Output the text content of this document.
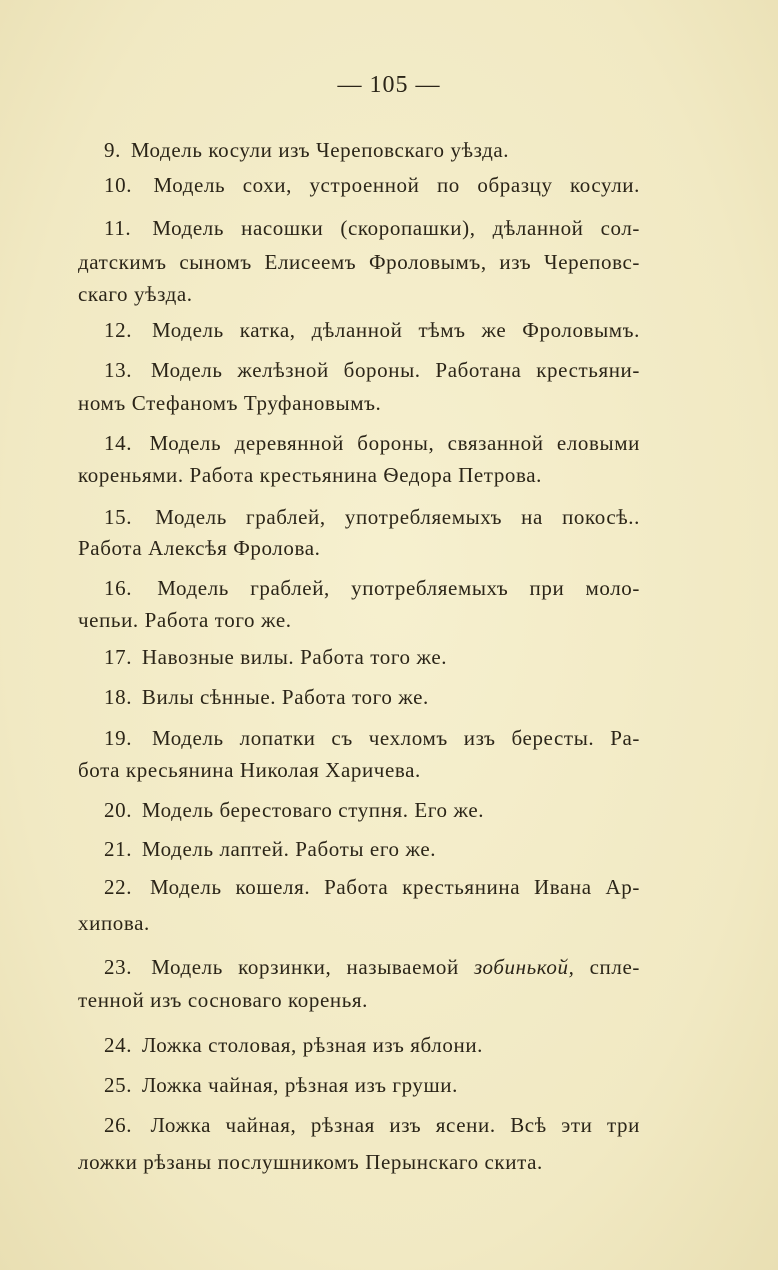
— 105 —
9. Модель косули изъ Череповскаго уѣзда.
10. Модель сохи, устроенной по образцу косули.
11. Модель насошки (скоропашки), дѣланной сол-
датскимъ сыномъ Елисеемъ Фроловымъ, изъ Череповс-
скаго уѣзда.
12. Модель катка, дѣланной тѣмъ же Фроловымъ.
13. Модель желѣзной бороны. Работана крестьяни-
номъ Стефаномъ Труфановымъ.
14. Модель деревянной бороны, связанной еловыми
кореньями. Работа крестьянина Ѳедора Петрова.
15. Модель граблей, употребляемыхъ на покосѣ..
Работа Алексѣя Фролова.
16. Модель граблей, употребляемыхъ при моло-
чепьи. Работа того же.
17. Навозные вилы. Работа того же.
18. Вилы сѣнные. Работа того же.
19. Модель лопатки съ чехломъ изъ бересты. Ра-
бота кресьянина Николая Харичева.
20. Модель берестоваго ступня. Его же.
21. Модель лаптей. Работы его же.
22. Модель кошеля. Работа крестьянина Ивана Ар-
хипова.
23. Модель корзинки, называемой зобинькой, сплe-
тенной изъ сосноваго коренья.
24. Ложка столовая, рѣзная изъ яблони.
25. Ложка чайная, рѣзная изъ груши.
26. Ложка чайная, рѣзная изъ ясени. Всѣ эти три
ложки рѣзаны послушникомъ Перынскаго скита.
